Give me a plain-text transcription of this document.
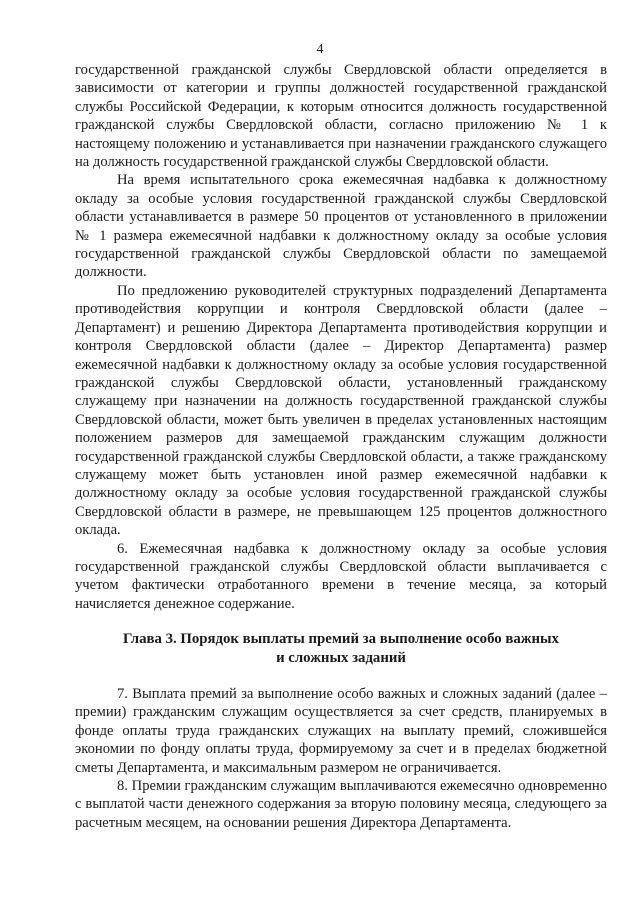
4

государственной гражданской службы Свердловской области определяется в зависимости от категории и группы должностей государственной гражданской службы Российской Федерации, к которым относится должность государственной гражданской службы Свердловской области, согласно приложению № 1 к настоящему положению и устанавливается при назначении гражданского служащего на должность государственной гражданской службы Свердловской области.

На время испытательного срока ежемесячная надбавка к должностному окладу за особые условия государственной гражданской службы Свердловской области устанавливается в размере 50 процентов от установленного в приложении № 1 размера ежемесячной надбавки к должностному окладу за особые условия государственной гражданской службы Свердловской области по замещаемой должности.

По предложению руководителей структурных подразделений Департамента противодействия коррупции и контроля Свердловской области (далее – Департамент) и решению Директора Департамента противодействия коррупции и контроля Свердловской области (далее – Директор Департамента) размер ежемесячной надбавки к должностному окладу за особые условия государственной гражданской службы Свердловской области, установленный гражданскому служащему при назначении на должность государственной гражданской службы Свердловской области, может быть увеличен в пределах установленных настоящим положением размеров для замещаемой гражданским служащим должности государственной гражданской службы Свердловской области, а также гражданскому служащему может быть установлен иной размер ежемесячной надбавки к должностному окладу за особые условия государственной гражданской службы Свердловской области в размере, не превышающем 125 процентов должностного оклада.

6. Ежемесячная надбавка к должностному окладу за особые условия государственной гражданской службы Свердловской области выплачивается с учетом фактически отработанного времени в течение месяца, за который начисляется денежное содержание.

Глава 3. Порядок выплаты премий за выполнение особо важных
и сложных заданий

7. Выплата премий за выполнение особо важных и сложных заданий (далее – премии) гражданским служащим осуществляется за счет средств, планируемых в фонде оплаты труда гражданских служащих на выплату премий, сложившейся экономии по фонду оплаты труда, формируемому за счет и в пределах бюджетной сметы Департамента, и максимальным размером не ограничивается.

8. Премии гражданским служащим выплачиваются ежемесячно одновременно с выплатой части денежного содержания за вторую половину месяца, следующего за расчетным месяцем, на основании решения Директора Департамента.
